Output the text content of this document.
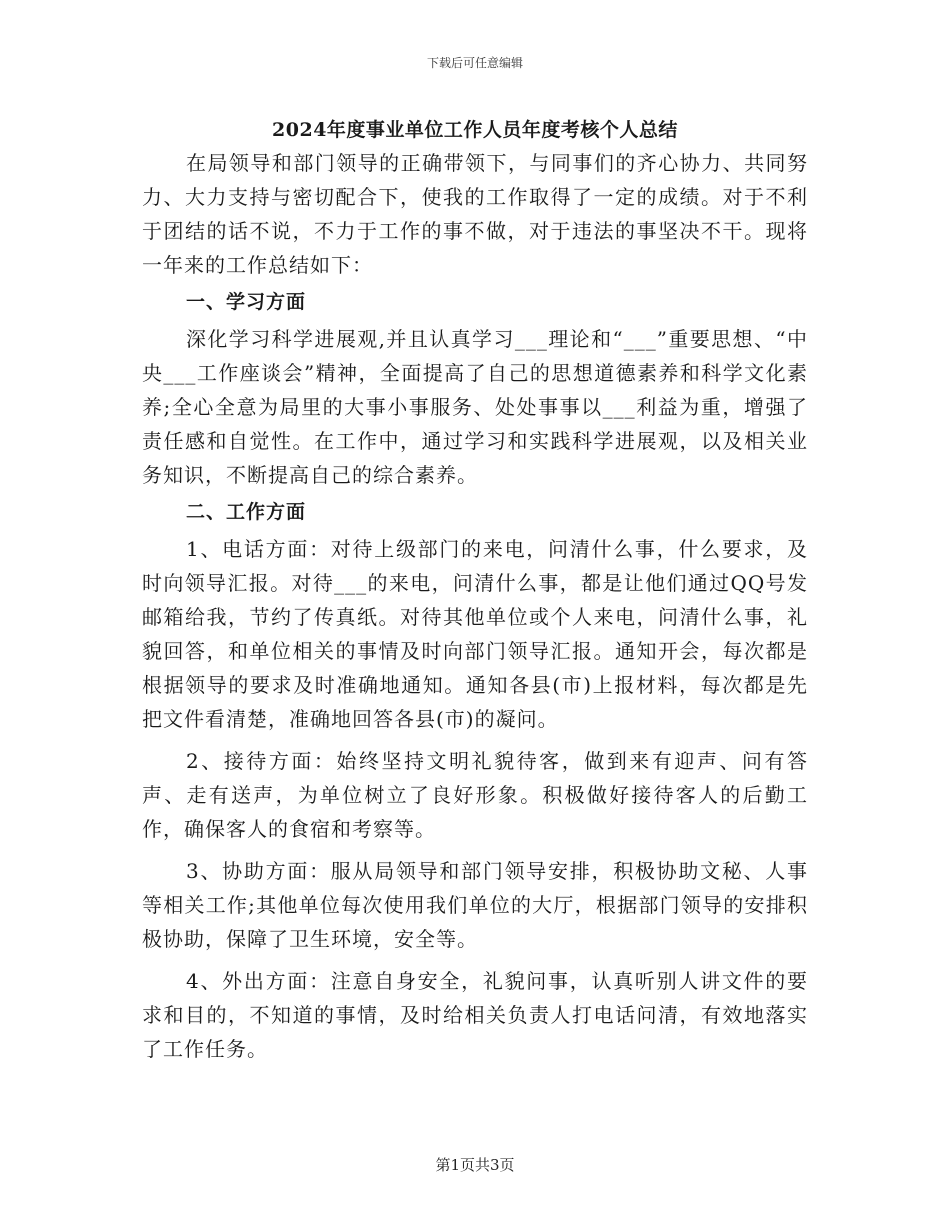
下载后可任意编辑
2024年度事业单位工作人员年度考核个人总结

在局领导和部门领导的正确带领下，与同事们的齐心协力、共同努力、大力支持与密切配合下，使我的工作取得了一定的成绩。对于不利于团结的话不说，不力于工作的事不做，对于违法的事坚决不干。现将一年来的工作总结如下：

一、学习方面

深化学习科学进展观,并且认真学习___理论和“___”重要思想、“中央___工作座谈会”精神，全面提高了自己的思想道德素养和科学文化素养;全心全意为局里的大事小事服务、处处事事以___利益为重，增强了责任感和自觉性。在工作中，通过学习和实践科学进展观，以及相关业务知识，不断提高自己的综合素养。

二、工作方面

1、电话方面：对待上级部门的来电，问清什么事，什么要求，及时向领导汇报。对待___的来电，问清什么事，都是让他们通过QQ号发邮箱给我，节约了传真纸。对待其他单位或个人来电，问清什么事，礼貌回答，和单位相关的事情及时向部门领导汇报。通知开会，每次都是根据领导的要求及时准确地通知。通知各县(市)上报材料，每次都是先把文件看清楚，准确地回答各县(市)的凝问。

2、接待方面：始终坚持文明礼貌待客，做到来有迎声、问有答声、走有送声，为单位树立了良好形象。积极做好接待客人的后勤工作，确保客人的食宿和考察等。

3、协助方面：服从局领导和部门领导安排，积极协助文秘、人事等相关工作;其他单位每次使用我们单位的大厅，根据部门领导的安排积极协助，保障了卫生环境，安全等。

4、外出方面：注意自身安全，礼貌问事，认真听别人讲文件的要求和目的，不知道的事情，及时给相关负责人打电话问清，有效地落实了工作任务。

第1页共3页
